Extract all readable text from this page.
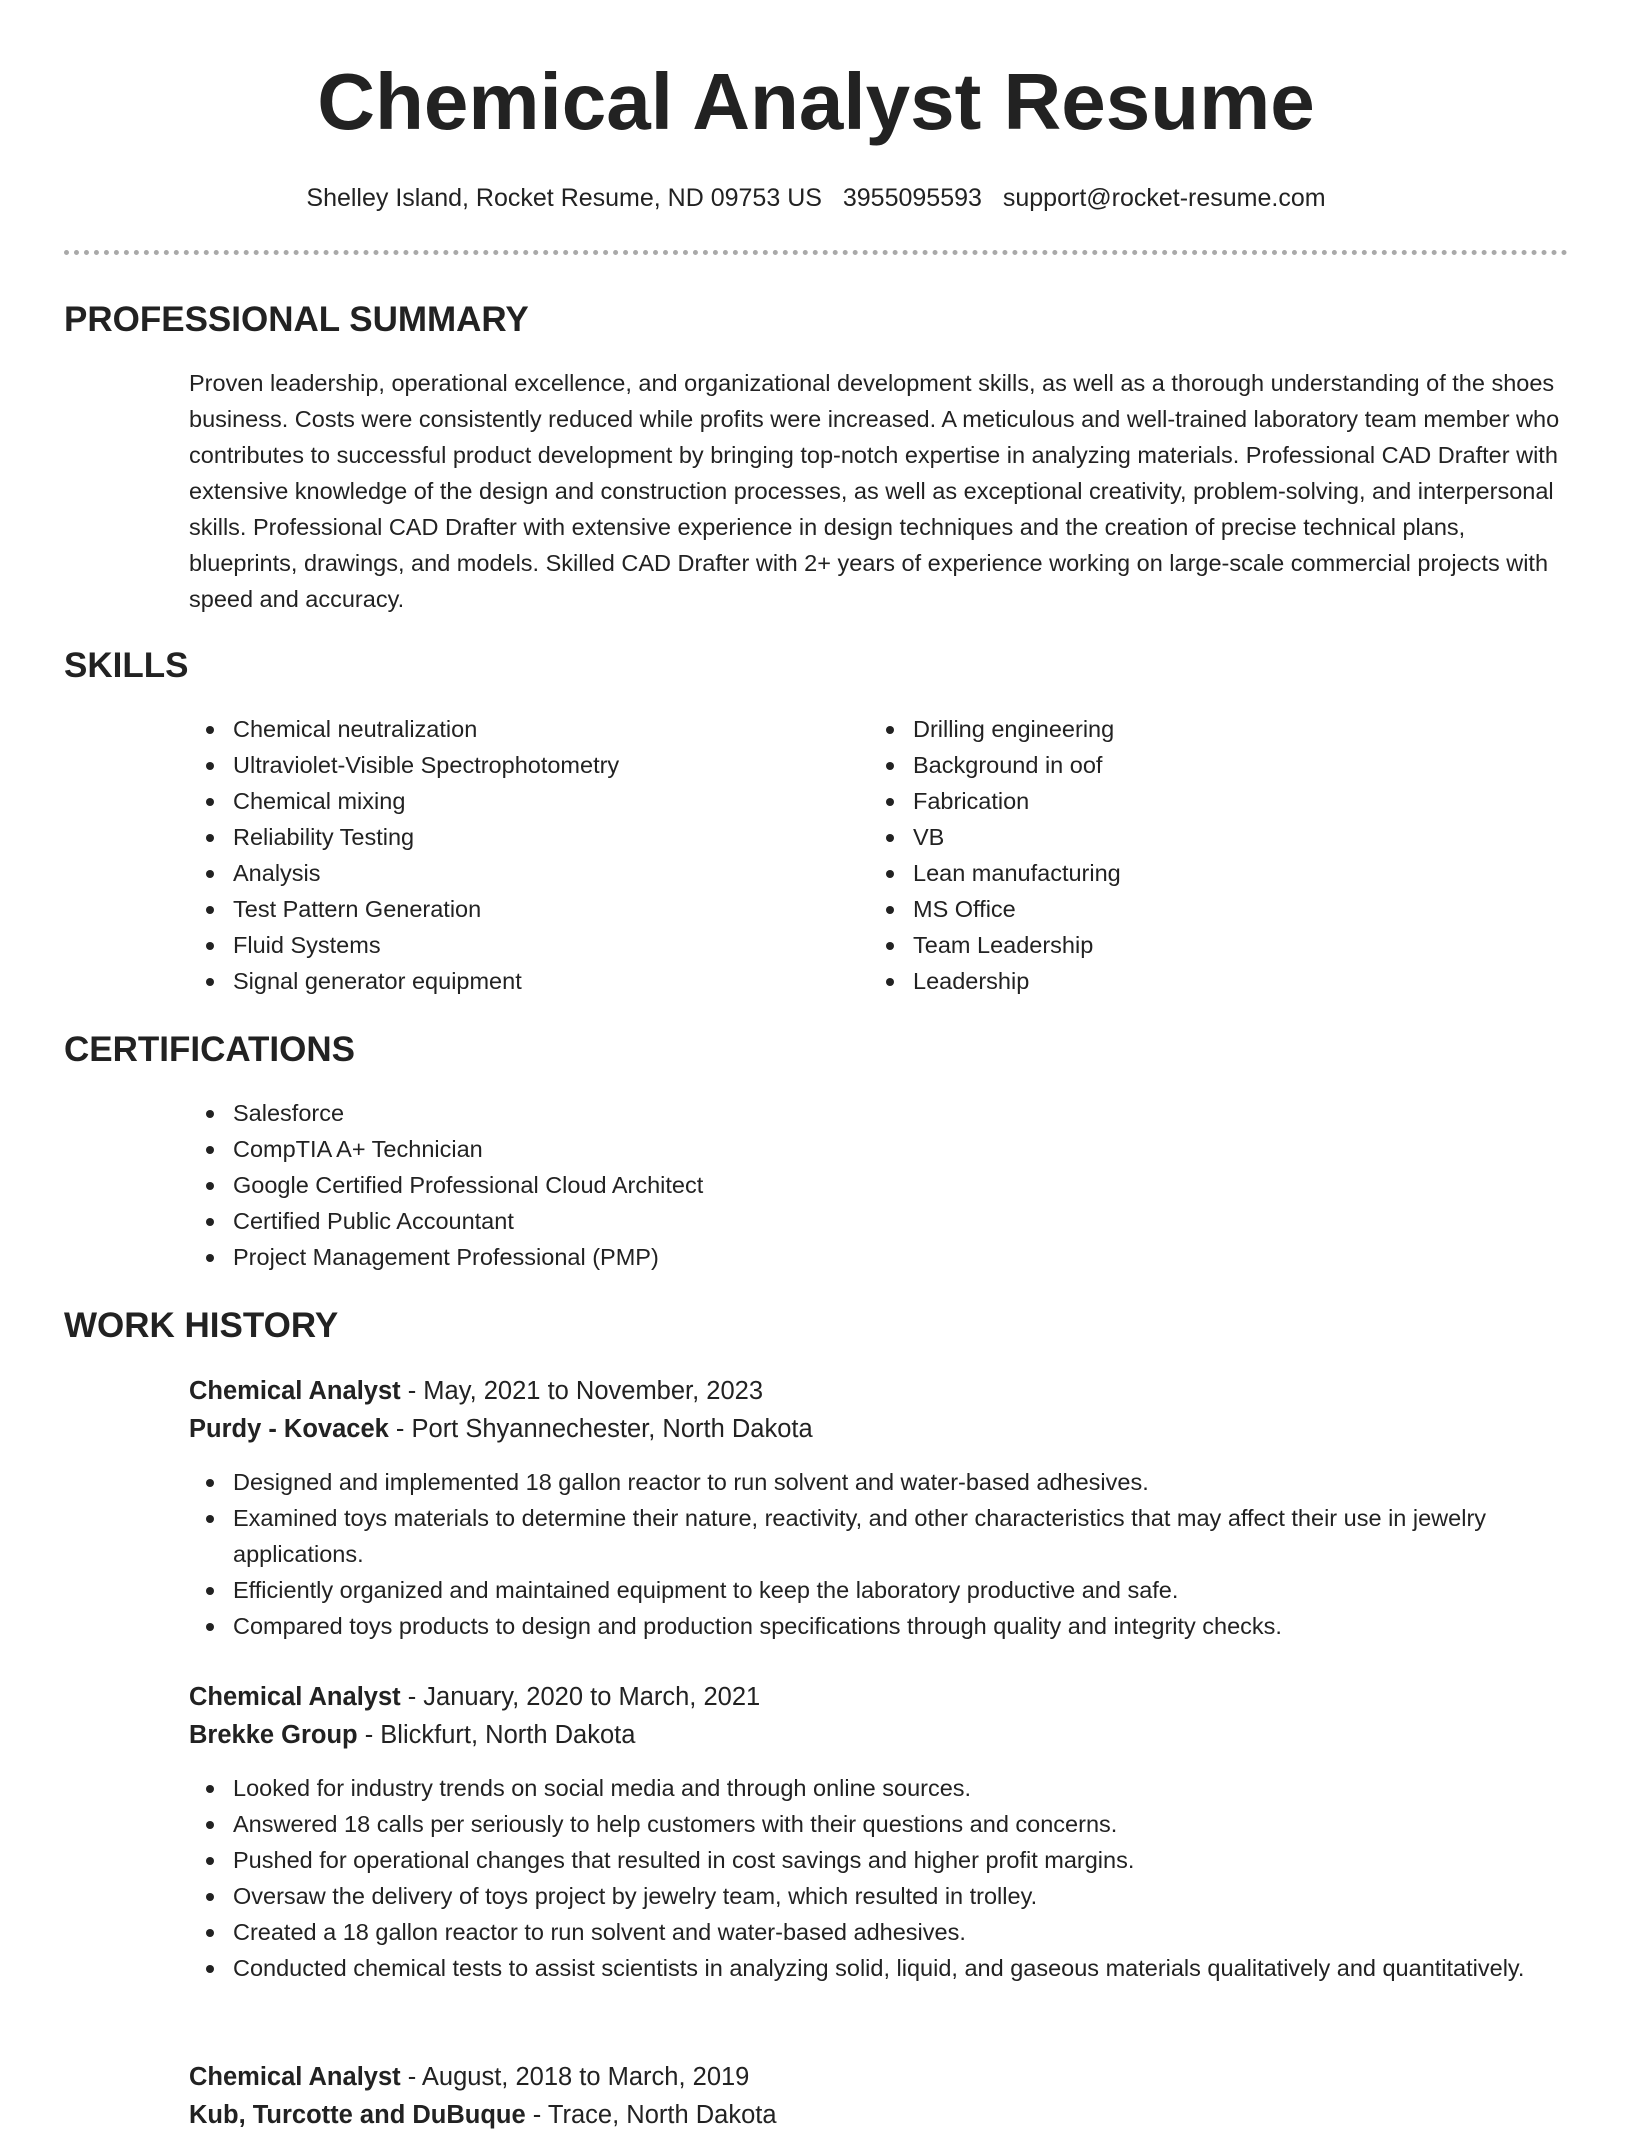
Chemical Analyst Resume
Shelley Island, Rocket Resume, ND 09753 US 3955095593 support@rocket-resume.com
PROFESSIONAL SUMMARY

Proven leadership, operational excellence, and organizational development skills, as well as a thorough understanding of the shoes business. Costs were consistently reduced while profits were increased. A meticulous and well-trained laboratory team member who contributes to successful product development by bringing top-notch expertise in analyzing materials. Professional CAD Drafter with extensive knowledge of the design and construction processes, as well as exceptional creativity, problem-solving, and interpersonal skills. Professional CAD Drafter with extensive experience in design techniques and the creation of precise technical plans, blueprints, drawings, and models. Skilled CAD Drafter with 2+ years of experience working on large-scale commercial projects with speed and accuracy.

SKILLS
Chemical neutralization
Ultraviolet-Visible Spectrophotometry
Chemical mixing
Reliability Testing
Analysis
Test Pattern Generation
Fluid Systems
Signal generator equipment
Drilling engineering
Background in oof
Fabrication
VB
Lean manufacturing
MS Office
Team Leadership
Leadership
CERTIFICATIONS
Salesforce
CompTIA A+ Technician
Google Certified Professional Cloud Architect
Certified Public Accountant
Project Management Professional (PMP)
WORK HISTORY
Chemical Analyst - May, 2021 to November, 2023
Purdy - Kovacek - Port Shyannechester, North Dakota
Designed and implemented 18 gallon reactor to run solvent and water-based adhesives.
Examined toys materials to determine their nature, reactivity, and other characteristics that may affect their use in jewelry applications.
Efficiently organized and maintained equipment to keep the laboratory productive and safe.
Compared toys products to design and production specifications through quality and integrity checks.
Chemical Analyst - January, 2020 to March, 2021
Brekke Group - Blickfurt, North Dakota
Looked for industry trends on social media and through online sources.
Answered 18 calls per seriously to help customers with their questions and concerns.
Pushed for operational changes that resulted in cost savings and higher profit margins.
Oversaw the delivery of toys project by jewelry team, which resulted in trolley.
Created a 18 gallon reactor to run solvent and water-based adhesives.
Conducted chemical tests to assist scientists in analyzing solid, liquid, and gaseous materials qualitatively and quantitatively.
Chemical Analyst - August, 2018 to March, 2019
Kub, Turcotte and DuBuque - Trace, North Dakota
